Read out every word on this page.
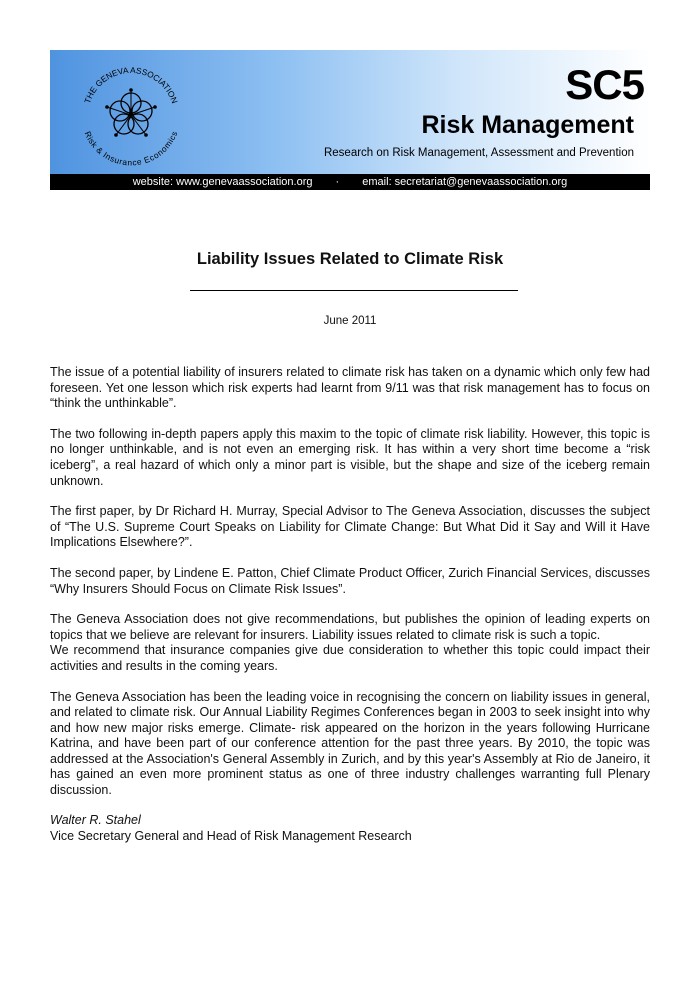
THE GENEVA ASSOCIATION
Risk & Insurance Economics
SC5
Risk Management
Research on Risk Management, Assessment and Prevention
website: www.genevaassociation.org · email: secretariat@genevaassociation.org
Liability Issues Related to Climate Risk
June 2011

The issue of a potential liability of insurers related to climate risk has taken on a dynamic which only few had foreseen. Yet one lesson which risk experts had learnt from 9/11 was that risk management has to focus on “think the unthinkable”.

The two following in-depth papers apply this maxim to the topic of climate risk liability. However, this topic is no longer unthinkable, and is not even an emerging risk. It has within a very short time become a “risk iceberg”, a real hazard of which only a minor part is visible, but the shape and size of the iceberg remain unknown.

The first paper, by Dr Richard H. Murray, Special Advisor to The Geneva Association, discusses the subject of “The U.S. Supreme Court Speaks on Liability for Climate Change: But What Did it Say and Will it Have Implications Elsewhere?”.

The second paper, by Lindene E. Patton, Chief Climate Product Officer, Zurich Financial Services, discusses “Why Insurers Should Focus on Climate Risk Issues”.

The Geneva Association does not give recommendations, but publishes the opinion of leading experts on topics that we believe are relevant for insurers. Liability issues related to climate risk is such a topic.

We recommend that insurance companies give due consideration to whether this topic could impact their activities and results in the coming years.

The Geneva Association has been the leading voice in recognising the concern on liability issues in general, and related to climate risk. Our Annual Liability Regimes Conferences began in 2003 to seek insight into why and how new major risks emerge. Climate- risk appeared on the horizon in the years following Hurricane Katrina, and have been part of our conference attention for the past three years. By 2010, the topic was addressed at the Association's General Assembly in Zurich, and by this year's Assembly at Rio de Janeiro, it has gained an even more prominent status as one of three industry challenges warranting full Plenary discussion.

Walter R. Stahel
Vice Secretary General and Head of Risk Management Research
